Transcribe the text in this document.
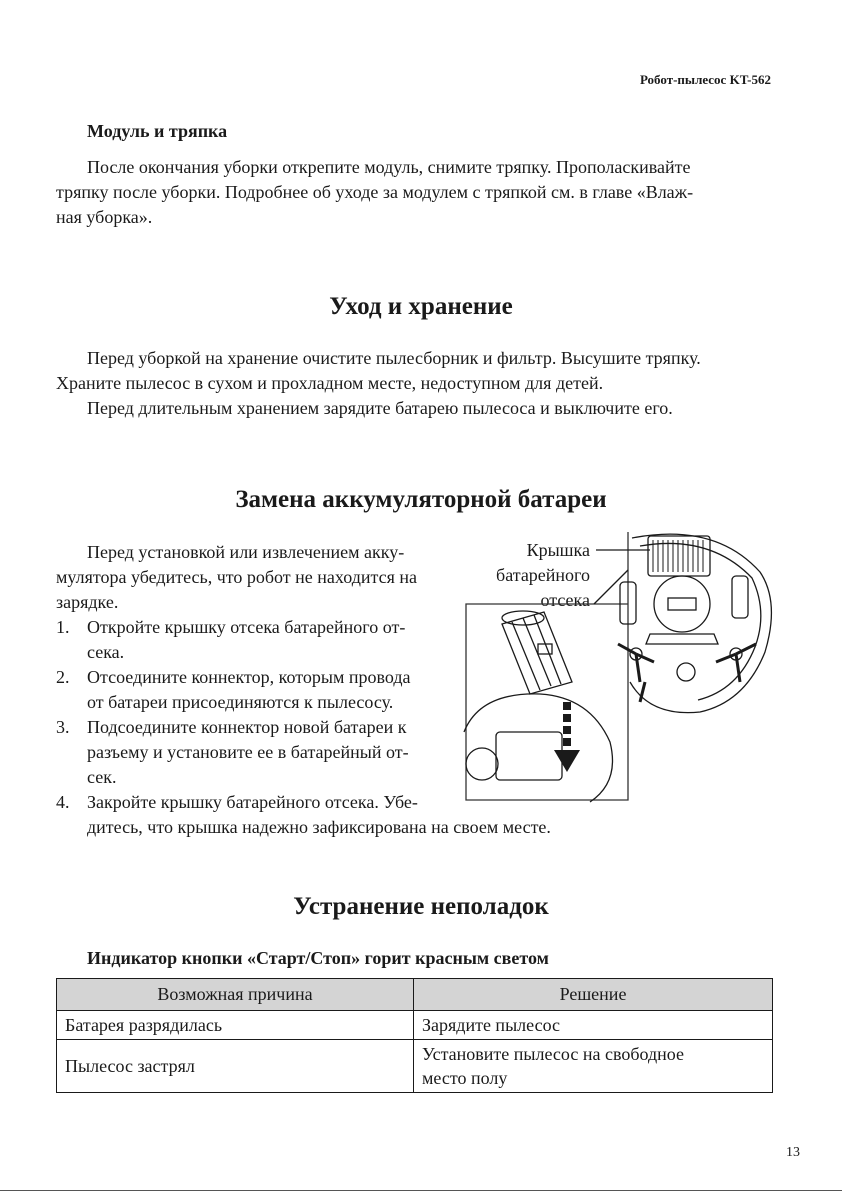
Робот-пылесос KT-562
Модуль и тряпка
После окончания уборки открепите модуль, снимите тряпку. Прополаскивайте
тряпку после уборки. Подробнее об уходе за модулем с тряпкой см. в главе «Влаж-
ная уборка».
Уход и хранение
Перед уборкой на хранение очистите пылесборник и фильтр. Высушите тряпку.
Храните пылесос в сухом и прохладном месте, недоступном для детей.
Перед длительным хранением зарядите батарею пылесоса и выключите его.
Замена аккумуляторной батареи
Перед установкой или извлечением акку-
мулятора убедитесь, что робот не находится на
зарядке.
1. Откройте крышку отсека батарейного от-
сека.
2. Отсоедините коннектор, которым провода
от батареи присоединяются к пылесосу.
3. Подсоедините коннектор новой батареи к
разъему и установите ее в батарейный от-
сек.
4. Закройте крышку батарейного отсека. Убе-
дитесь, что крышка надежно зафиксирована на своем месте.
Крышка
батарейного
отсека
Устранение неполадок
Индикатор кнопки «Старт/Стоп» горит красным светом
Возможная причина	Решение
Батарея разрядилась	Зарядите пылесос
Пылесос застрял	Установите пылесос на свободное
место полу
13
